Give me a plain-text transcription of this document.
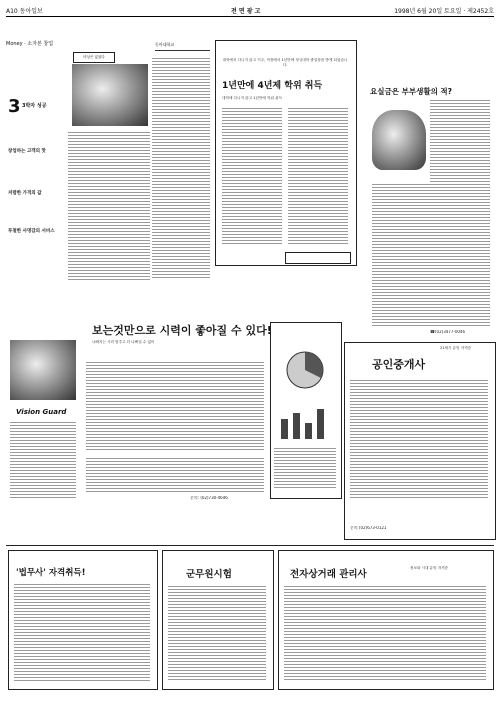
A10 동아일보	전 면 광 고	1998년 6월 20일 토요일 · 제2452호
Money · 소자본 창업
비상은 없었다
3 3박자 성공
창업하는 고객의 맛
저렴한 가격의 값
투철한 사명감의 서비스
동아대학교
대학에서 다니지 않고 거주, 직장에서 1년만에 정규대학 졸업장을 받게 되었습니다.
1년만에 4년제 학위 취득
대학에 다니지 않고 1년만에 학위 취득
요실금은 부부생활의 적?
☎(02)3477-0046
보는것만으로 시력이 좋아질 수 있다!
나빠지는 시력 멈추고 더 나빠질 수 없어
Vision Guard
문의: (02)730-4646
21세기 유망 자격증
공인중개사
문의 (02)673-0121
'법무사' 자격취득!	군무원시험	전자상거래 관리사
정보화 시대 유망 자격증
